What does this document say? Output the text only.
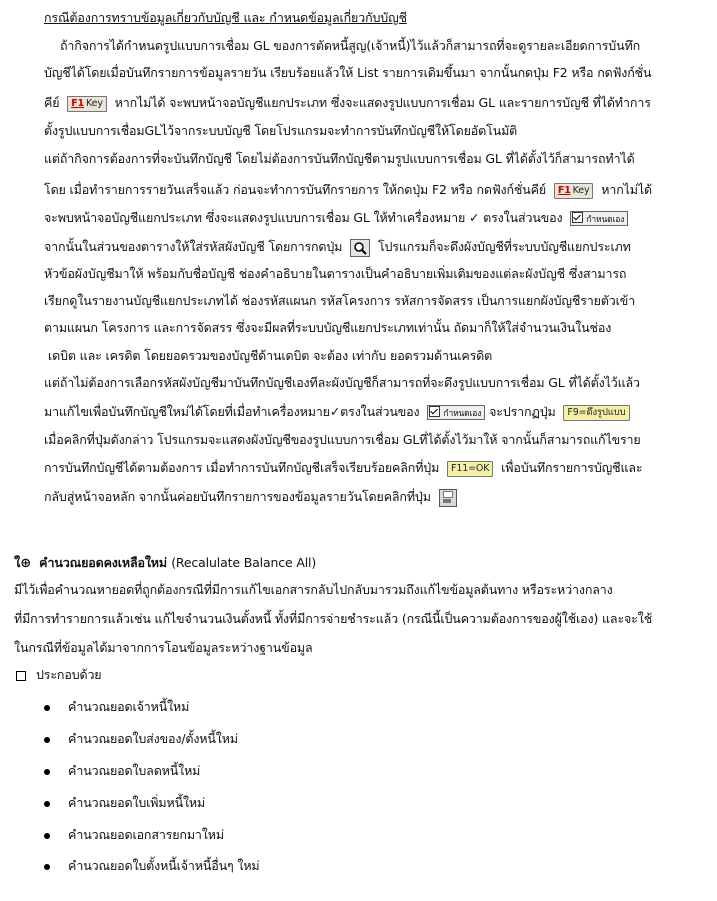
กรณีต้องการทราบข้อมูลเกี่ยวกับบัญชี และ กำหนดข้อมูลเกี่ยวกับบัญชี
ถ้ากิจการได้กำหนดรูปแบบการเชื่อม GL ของการตัดหนี้สูญ(เจ้าหนี้)ไว้แล้วก็สามารถที่จะดูรายละเอียดการบันทึก
บัญชีได้โดยเมื่อบันทึกรายการข้อมูลรายวัน เรียบร้อยแล้วให้ List รายการเดิมขึ้นมา จากนั้นกดปุ่ม F2 หรือ กดฟังก์ชั่น
คีย์ F1 Key หากไม่ได้ จะพบหน้าจอบัญชีแยกประเภท ซึ่งจะแสดงรูปแบบการเชื่อม GL และรายการบัญชี ที่ได้ทำการ
ตั้งรูปแบบการเชื่อมGLไว้จากระบบบัญชี โดยโปรแกรมจะทำการบันทึกบัญชีให้โดยอัตโนมัติ
แต่ถ้ากิจการต้องการที่จะบันทึกบัญชี โดยไม่ต้องการบันทึกบัญชีตามรูปแบบการเชื่อม GL ที่ได้ตั้งไว้ก็สามารถทำได้
โดย เมื่อทำรายการรายวันเสร็จแล้ว ก่อนจะทำการบันทึกรายการ ให้กดปุ่ม F2 หรือ กดฟังก์ชั่นคีย์ F1 Key หากไม่ได้
จะพบหน้าจอบัญชีแยกประเภท ซึ่งจะแสดงรูปแบบการเชื่อม GL ให้ทำเครื่องหมาย ✓ ตรงในส่วนของ	กำหนดเอง
จากนั้นในส่วนของตารางให้ใส่รหัสผังบัญชี โดยการกดปุ่ม	โปรแกรมก็จะดึงผังบัญชีที่ระบบบัญชีแยกประเภท
หัวข้อผังบัญชีมาให้ พร้อมกับชื่อบัญชี ช่องคำอธิบายในตารางเป็นคำอธิบายเพิ่มเติมของแต่ละผังบัญชี ซึ่งสามารถ
เรียกดูในรายงานบัญชีแยกประเภทได้ ช่องรหัสแผนก รหัสโครงการ รหัสการจัดสรร เป็นการแยกผังบัญชีรายตัวเข้า
ตามแผนก โครงการ และการจัดสรร ซึ่งจะมีผลที่ระบบบัญชีแยกประเภทเท่านั้น ถัดมาก็ให้ใส่จำนวนเงินในช่อง
เดบิต และ เครดิต โดยยอดรวมของบัญชีด้านเดบิต จะต้อง เท่ากับ ยอดรวมด้านเครดิต
แต่ถ้าไม่ต้องการเลือกรหัสผังบัญชีมาบันทึกบัญชีเองทีละผังบัญชีก็สามารถที่จะดึงรูปแบบการเชื่อม GL ที่ได้ตั้งไว้แล้ว
มาแก้ไขเพื่อบันทึกบัญชีใหม่ได้โดยที่เมื่อทำเครื่องหมาย✓ตรงในส่วนของ	กำหนดเอง จะปรากฏปุ่ม F9=ดึงรูปแบบ
เมื่อคลิกที่ปุ่มดังกล่าว โปรแกรมจะแสดงผังบัญชีของรูปแบบการเชื่อม GLที่ได้ตั้งไว้มาให้ จากนั้นก็สามารถแก้ไขราย
การบันทึกบัญชีได้ตามต้องการ เมื่อทำการบันทึกบัญชีเสร็จเรียบร้อยคลิกที่ปุ่ม F11=OK เพื่อบันทึกรายการบัญชีและ
กลับสู่หน้าจอหลัก จากนั้นค่อยบันทึกรายการของข้อมูลรายวันโดยคลิกที่ปุ่ม
ใ⊕ คำนวณยอดคงเหลือใหม่ (Recalulate Balance All)
มีไว้เพื่อคำนวณหายอดที่ถูกต้องกรณีที่มีการแก้ไขเอกสารกลับไปกลับมารวมถึงแก้ไขข้อมูลต้นทาง หรือระหว่างกลาง
ที่มีการทำรายการแล้วเช่น แก้ไขจำนวนเงินตั้งหนี้ ทั้งที่มีการจ่ายชำระแล้ว (กรณีนี้เป็นความต้องการของผู้ใช้เอง) และจะใช้
ในกรณีที่ข้อมูลได้มาจากการโอนข้อมูลระหว่างฐานข้อมูล
ประกอบด้วย
คำนวณยอดเจ้าหนี้ใหม่
คำนวณยอดใบส่งของ/ตั้งหนี้ใหม่
คำนวณยอดใบลดหนี้ใหม่
คำนวณยอดใบเพิ่มหนี้ใหม่
คำนวณยอดเอกสารยกมาใหม่
คำนวณยอดใบตั้งหนี้เจ้าหนี้อื่นๆ ใหม่
